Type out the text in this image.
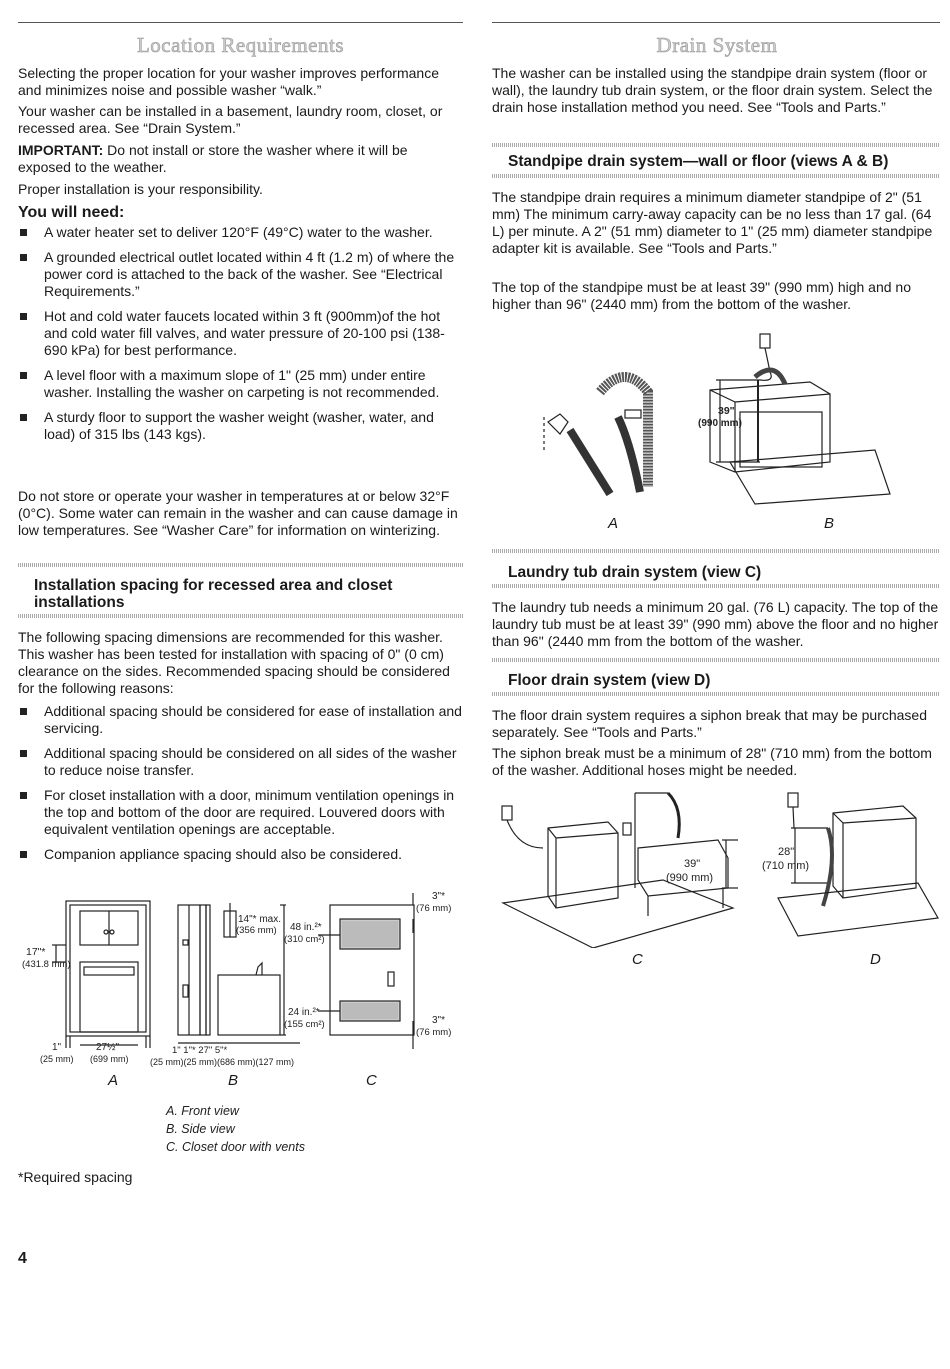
Location Requirements

Selecting the proper location for your washer improves performance and minimizes noise and possible washer “walk.”

Your washer can be installed in a basement, laundry room, closet, or recessed area. See “Drain System.”

IMPORTANT: Do not install or store the washer where it will be exposed to the weather.

Proper installation is your responsibility.

You will need:
A water heater set to deliver 120°F (49°C) water to the washer.
A grounded electrical outlet located within 4 ft (1.2 m) of where the power cord is attached to the back of the washer. See “Electrical Requirements.”
Hot and cold water faucets located within 3 ft (900mm)of the hot and cold water fill valves, and water pressure of 20-100 psi (138-690 kPa) for best performance.
A level floor with a maximum slope of 1" (25 mm) under entire washer. Installing the washer on carpeting is not recommended.
A sturdy floor to support the washer weight (washer, water, and load) of 315 lbs (143 kgs).

Do not store or operate your washer in temperatures at or below 32°F (0°C). Some water can remain in the washer and can cause damage in low temperatures. See “Washer Care” for information on winterizing.

Installation spacing for recessed area and closet installations

The following spacing dimensions are recommended for this washer. This washer has been tested for installation with spacing of 0" (0 cm) clearance on the sides. Recommended spacing should be considered for the following reasons:

Additional spacing should be considered for ease of installation and servicing.
Additional spacing should be considered on all sides of the washer to reduce noise transfer.
For closet installation with a door, minimum ventilation openings in the top and bottom of the door are required. Louvered doors with equivalent ventilation openings are acceptable.
Companion appliance spacing should also be considered.
17"*
(431.8 mm)
1"
(25 mm)
27½"
(699 mm)
14"* max.
(356 mm) 48 in.²*
(310 cm²)
24 in.²*
(155 cm²)
1" 1"* 27" 5"*
(25 mm)(25 mm)(686 mm)(127 mm)
3"*
(76 mm)
3"*
(76 mm)
A	B	C
A. Front view
B. Side view
C. Closet door with vents
*Required spacing
4
Drain System

The washer can be installed using the standpipe drain system (floor or wall), the laundry tub drain system, or the floor drain system. Select the drain hose installation method you need. See “Tools and Parts.”

Standpipe drain system—wall or floor (views A & B)

The standpipe drain requires a minimum diameter standpipe of 2" (51 mm) The minimum carry-away capacity can be no less than 17 gal. (64 L) per minute. A 2" (51 mm) diameter to 1" (25 mm) diameter standpipe adapter kit is available. See “Tools and Parts.”

The top of the standpipe must be at least 39" (990 mm) high and no higher than 96" (2440 mm) from the bottom of the washer.

Laundry tub drain system (view C)

The laundry tub needs a minimum 20 gal. (76 L) capacity. The top of the laundry tub must be at least 39" (990 mm) above the floor and no higher than 96" (2440 mm from the bottom of the washer.

Floor drain system (view D)

The floor drain system requires a siphon break that may be purchased separately. See “Tools and Parts.”

The siphon break must be a minimum of 28" (710 mm) from the bottom of the washer. Additional hoses might be needed.

39"
(990 mm)
A	B
39"
(990 mm)
28"
(710 mm)
C	D
